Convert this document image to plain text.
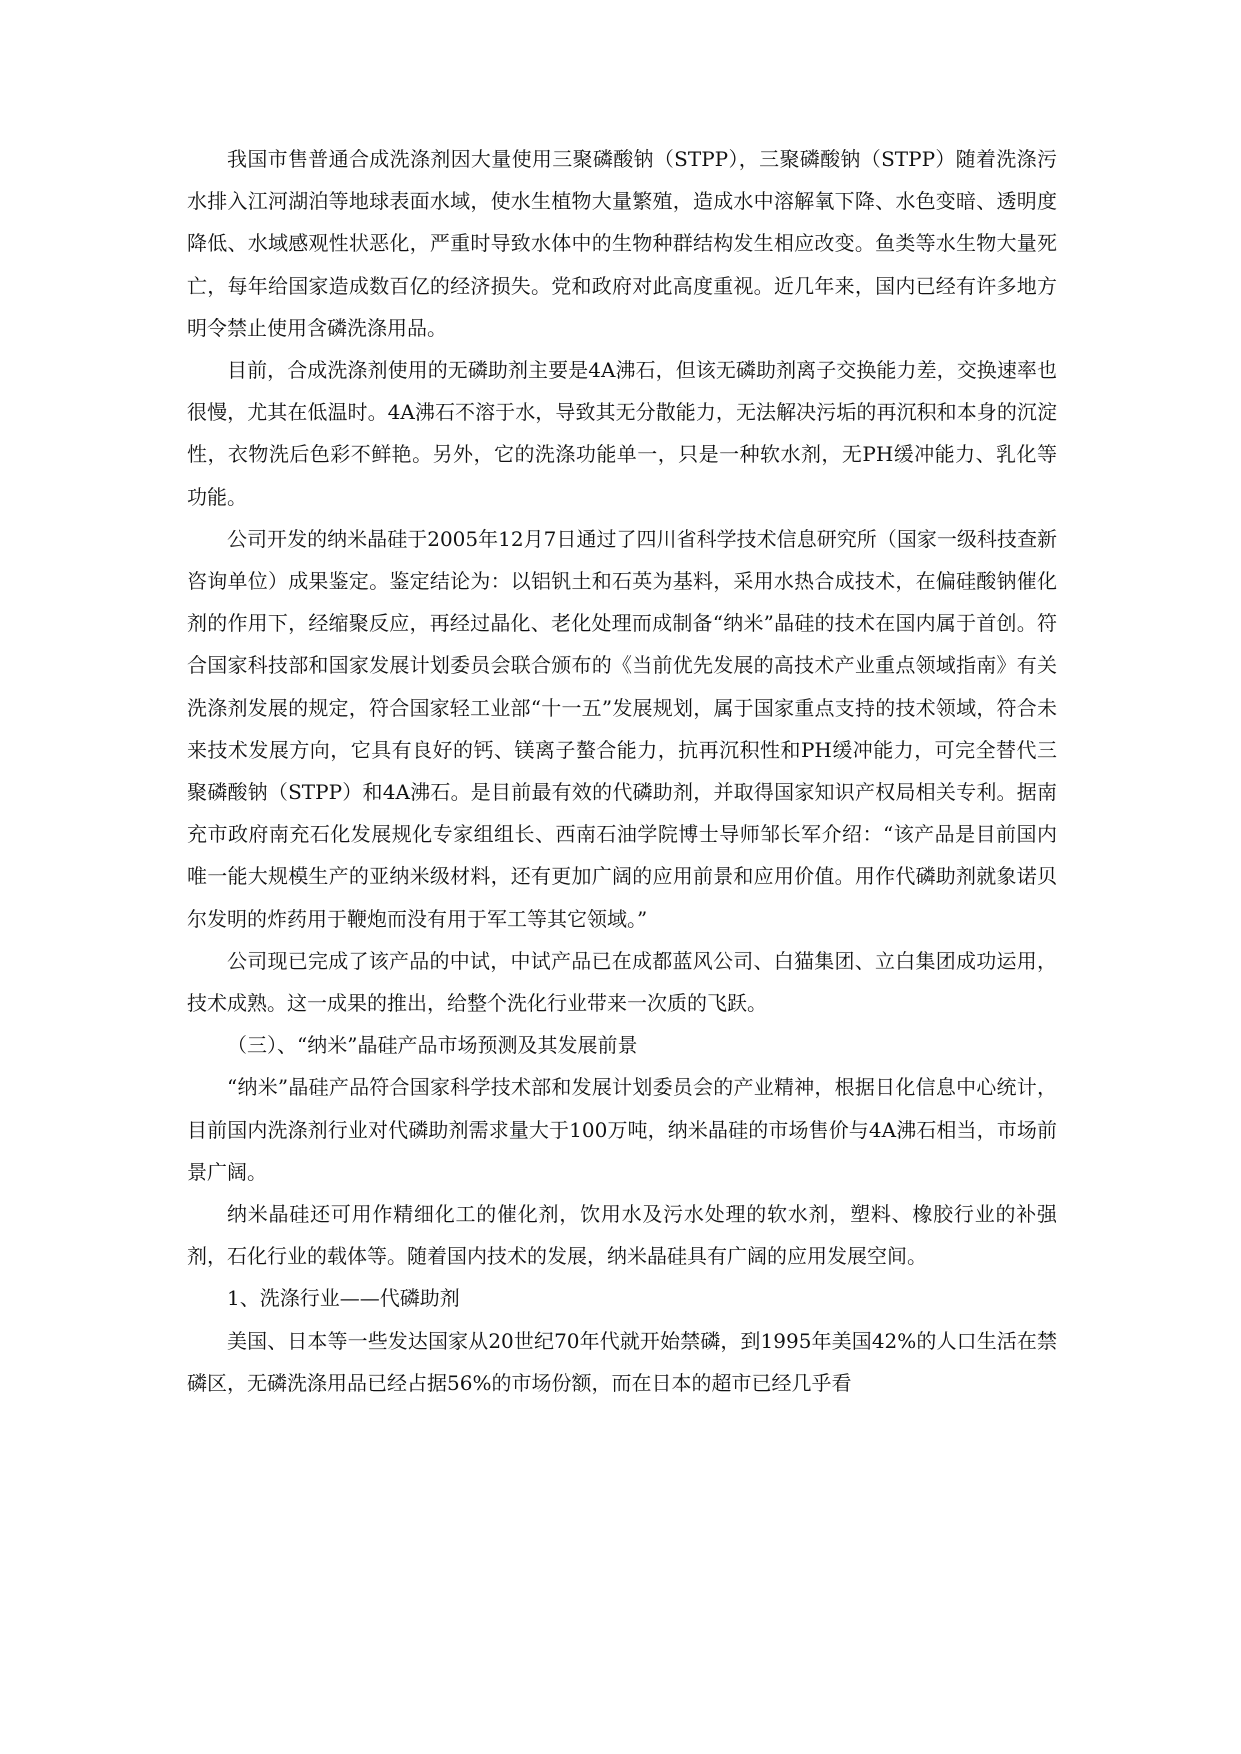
我国市售普通合成洗涤剂因大量使用三聚磷酸钠（STPP），三聚磷酸钠（STPP）随着洗涤污水排入江河湖泊等地球表面水域，使水生植物大量繁殖，造成水中溶解氧下降、水色变暗、透明度降低、水域感观性状恶化，严重时导致水体中的生物种群结构发生相应改变。鱼类等水生物大量死亡，每年给国家造成数百亿的经济损失。党和政府对此高度重视。近几年来，国内已经有许多地方明令禁止使用含磷洗涤用品。

目前，合成洗涤剂使用的无磷助剂主要是4A沸石，但该无磷助剂离子交换能力差，交换速率也很慢，尤其在低温时。4A沸石不溶于水，导致其无分散能力，无法解决污垢的再沉积和本身的沉淀性，衣物洗后色彩不鲜艳。另外，它的洗涤功能单一，只是一种软水剂，无PH缓冲能力、乳化等功能。

公司开发的纳米晶硅于2005年12月7日通过了四川省科学技术信息研究所（国家一级科技查新咨询单位）成果鉴定。鉴定结论为：以铝钒土和石英为基料，采用水热合成技术，在偏硅酸钠催化剂的作用下，经缩聚反应，再经过晶化、老化处理而成制备“纳米”晶硅的技术在国内属于首创。符合国家科技部和国家发展计划委员会联合颁布的《当前优先发展的高技术产业重点领域指南》有关洗涤剂发展的规定，符合国家轻工业部“十一五”发展规划，属于国家重点支持的技术领域，符合未来技术发展方向，它具有良好的钙、镁离子螯合能力，抗再沉积性和PH缓冲能力，可完全替代三聚磷酸钠（STPP）和4A沸石。是目前最有效的代磷助剂，并取得国家知识产权局相关专利。据南充市政府南充石化发展规化专家组组长、西南石油学院博士导师邹长军介绍：“该产品是目前国内唯一能大规模生产的亚纳米级材料，还有更加广阔的应用前景和应用价值。用作代磷助剂就象诺贝尔发明的炸药用于鞭炮而没有用于军工等其它领域。”

公司现已完成了该产品的中试，中试产品已在成都蓝风公司、白猫集团、立白集团成功运用，技术成熟。这一成果的推出，给整个洗化行业带来一次质的飞跃。

（三）、“纳米”晶硅产品市场预测及其发展前景

“纳米”晶硅产品符合国家科学技术部和发展计划委员会的产业精神，根据日化信息中心统计，目前国内洗涤剂行业对代磷助剂需求量大于100万吨，纳米晶硅的市场售价与4A沸石相当，市场前景广阔。

纳米晶硅还可用作精细化工的催化剂，饮用水及污水处理的软水剂，塑料、橡胶行业的补强剂，石化行业的载体等。随着国内技术的发展，纳米晶硅具有广阔的应用发展空间。

1、洗涤行业——代磷助剂

美国、日本等一些发达国家从20世纪70年代就开始禁磷，到1995年美国42%的人口生活在禁磷区，无磷洗涤用品已经占据56%的市场份额，而在日本的超市已经几乎看
